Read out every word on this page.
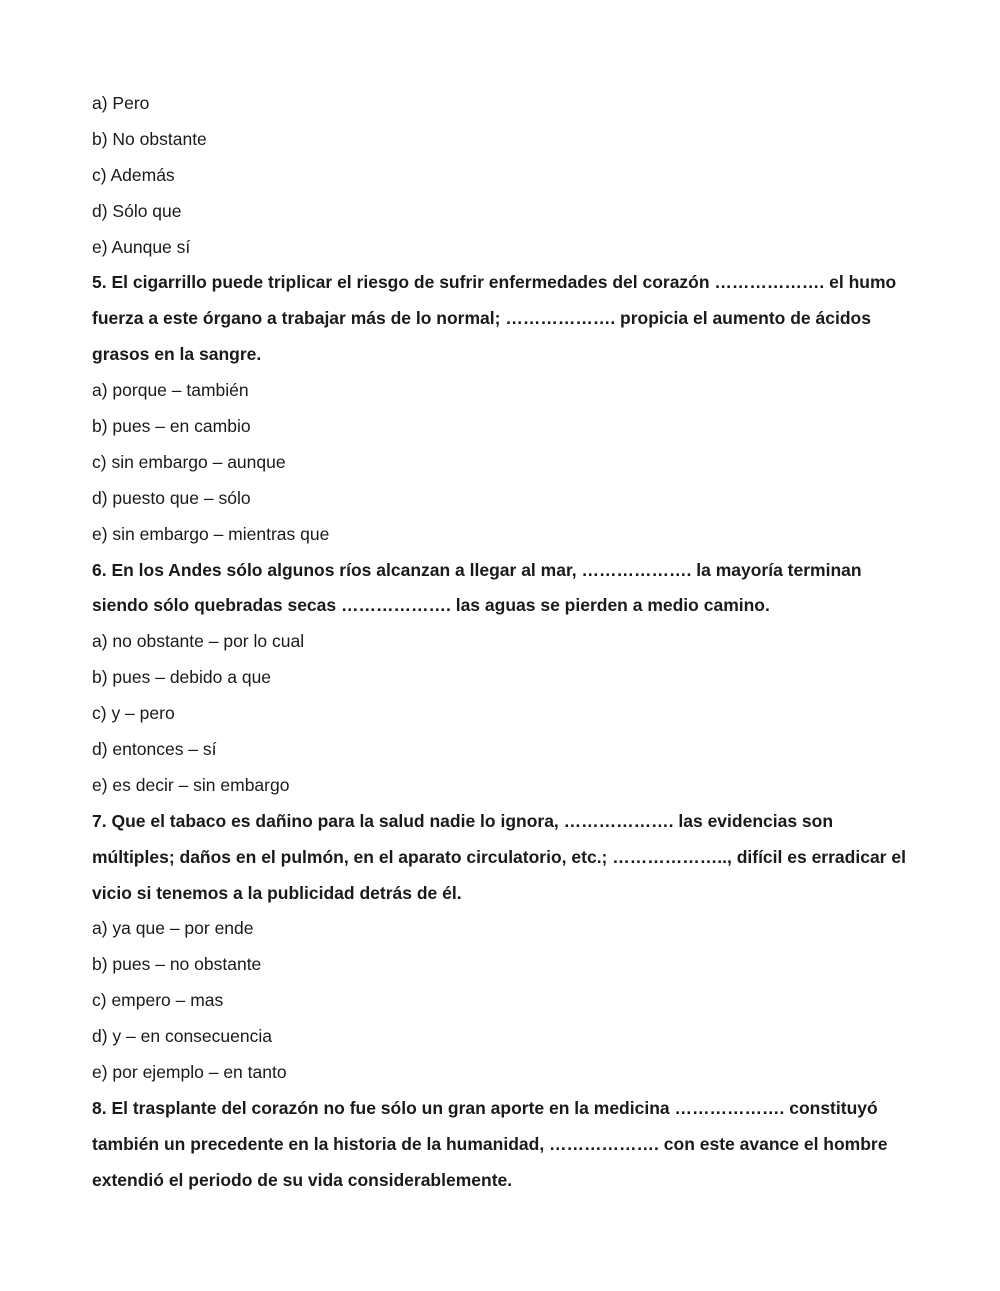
a) Pero
b) No obstante
c) Además
d) Sólo que
e) Aunque sí
5. El cigarrillo puede triplicar el riesgo de sufrir enfermedades del corazón ………………. el humo
fuerza a este órgano a trabajar más de lo normal; ………………. propicia el aumento de ácidos
grasos en la sangre.
a) porque – también
b) pues – en cambio
c) sin embargo – aunque
d) puesto que – sólo
e) sin embargo – mientras que
6. En los Andes sólo algunos ríos alcanzan a llegar al mar, ………………. la mayoría terminan
siendo sólo quebradas secas ………………. las aguas se pierden a medio camino.
a) no obstante – por lo cual
b) pues – debido a que
c) y – pero
d) entonces – sí
e) es decir – sin embargo
7. Que el tabaco es dañino para la salud nadie lo ignora, ………………. las evidencias son
múltiples; daños en el pulmón, en el aparato circulatorio, etc.; ……………….., difícil es erradicar el
vicio si tenemos a la publicidad detrás de él.
a) ya que – por ende
b) pues – no obstante
c) empero – mas
d) y – en consecuencia
e) por ejemplo – en tanto
8. El trasplante del corazón no fue sólo un gran aporte en la medicina ………………. constituyó
también un precedente en la historia de la humanidad, ………………. con este avance el hombre
extendió el periodo de su vida considerablemente.
